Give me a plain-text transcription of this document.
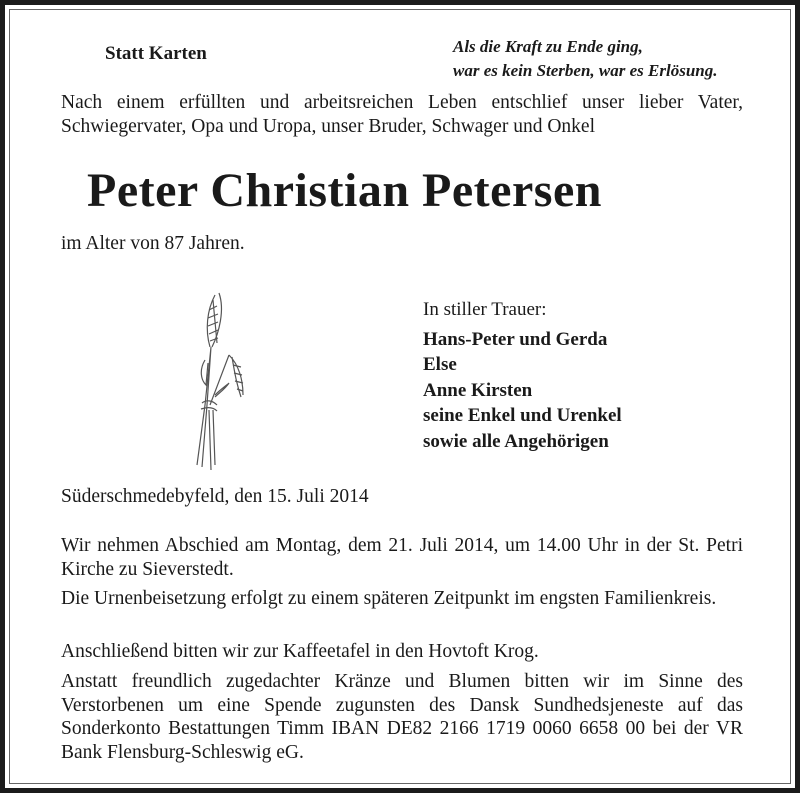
Statt Karten	Als die Kraft zu Ende ging,
war es kein Sterben, war es Erlösung.

Nach einem erfüllten und arbeitsreichen Leben entschlief unser lieber Vater, Schwiegervater, Opa und Uropa, unser Bruder, Schwager und Onkel

Peter Christian Petersen

im Alter von 87 Jahren.

In stiller Trauer:
Hans-Peter und Gerda
Else
Anne Kirsten
seine Enkel und Urenkel
sowie alle Angehörigen

Süderschmedebyfeld, den 15. Juli 2014

Wir nehmen Abschied am Montag, dem 21. Juli 2014, um 14.00 Uhr in der St. Petri Kirche zu Sieverstedt.

Die Urnenbeisetzung erfolgt zu einem späteren Zeitpunkt im engsten Familienkreis.

Anschließend bitten wir zur Kaffeetafel in den Hovtoft Krog.

Anstatt freundlich zugedachter Kränze und Blumen bitten wir im Sinne des Verstorbenen um eine Spende zugunsten des Dansk Sundhedsjeneste auf das Sonderkonto Bestattungen Timm IBAN DE82 2166 1719 0060 6658 00 bei der VR Bank Flensburg-Schleswig eG.
